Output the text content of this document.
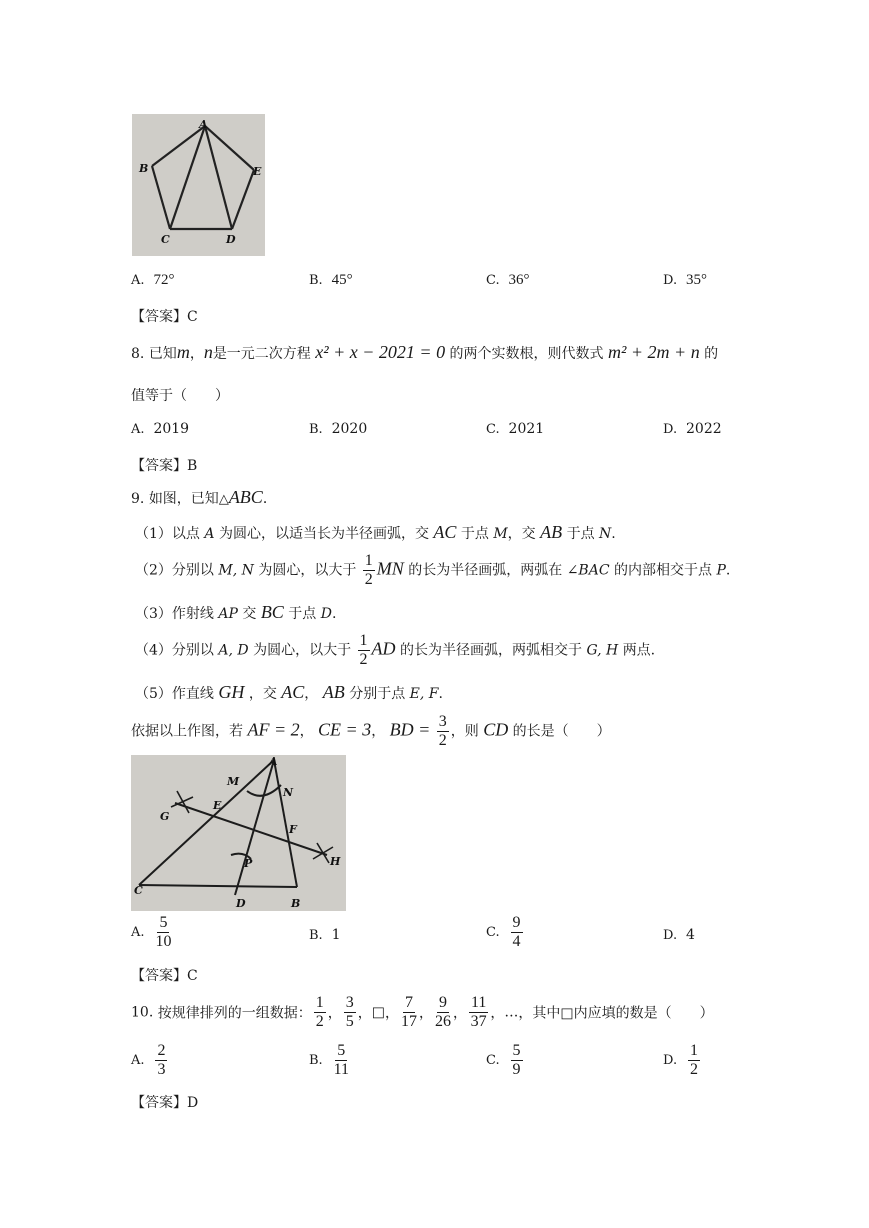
A
B	E
C	D
A. 72°	B. 45°	C. 36°	D. 35°
【答案】C
8. 已知m，n是一元二次方程 x² + x − 2021 = 0 的两个实数根，则代数式 m² + 2m + n 的
值等于（　　）
A. 2019	B. 2020	C. 2021	D. 2022
【答案】B
9. 如图，已知△ABC．
（1）以点 A 为圆心，以适当长为半径画弧，交 AC 于点 M，交 AB 于点 N.
（2）分别以 M, N 为圆心，以大于 $\frac{1}{2}$ MN 的长为半径画弧，两弧在 ∠BAC 的内部相交于点 P.
（3）作射线 AP 交 BC 于点 D.
（4）分别以 A, D 为圆心，以大于 $\frac{1}{2}$ AD 的长为半径画弧，两弧相交于 G, H 两点.
（5）作直线 GH ，交 AC， AB 分别于点 E, F.
依据以上作图，若 AF = 2， CE = 3， BD = $\frac{3}{2}$ ，则 CD 的长是（　　）
A
M
N
G
E
F
P	H
C
D	B
A. $\frac{5}{10}$	B. 1	C. $\frac{9}{4}$	D. 4
【答案】C
10. 按规律排列的一组数据： $\frac{1}{2}$ ， $\frac{3}{5}$ ，□， $\frac{7}{17}$ ， $\frac{9}{26}$ ， $\frac{11}{37}$ ，…，其中□内应填的数是（　　）
A. $\frac{2}{3}$	B. $\frac{5}{11}$	C. $\frac{5}{9}$	D. $\frac{1}{2}$
【答案】D
